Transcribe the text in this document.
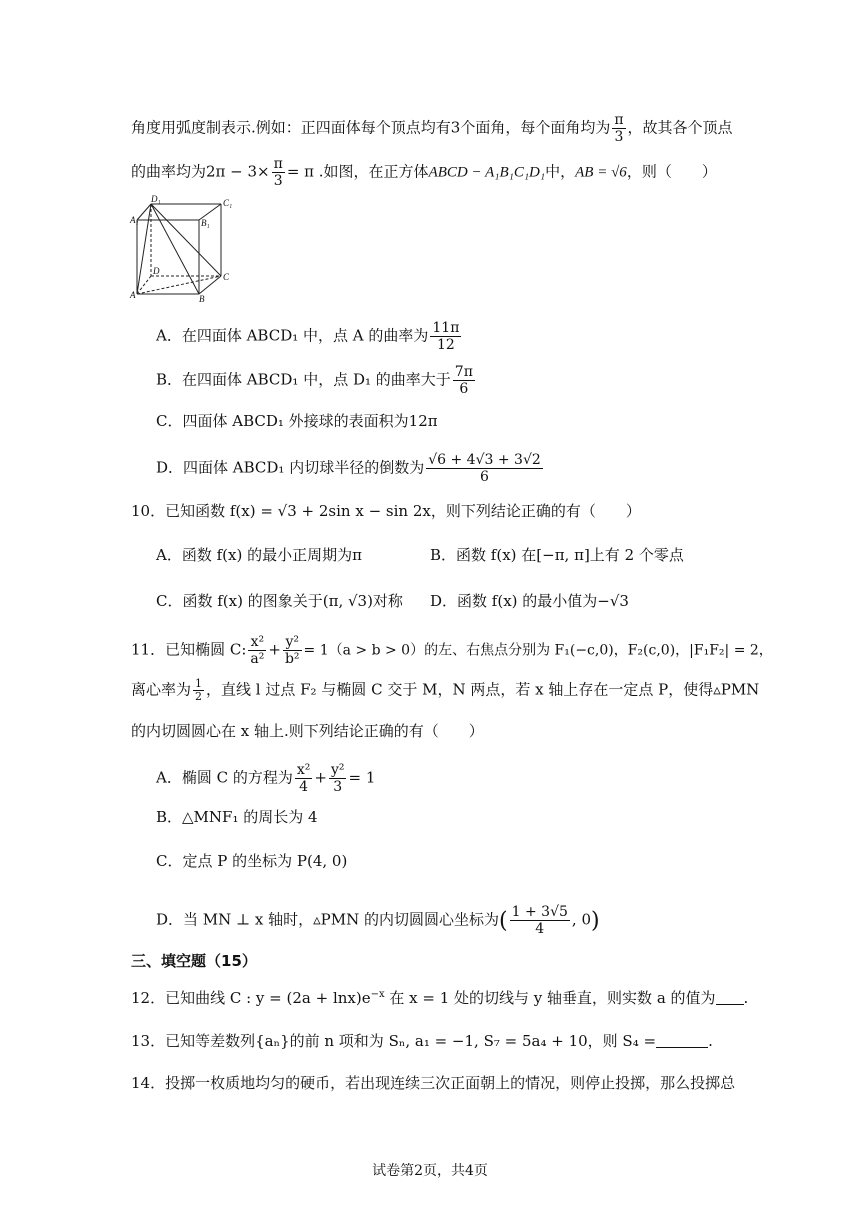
角度用弧度制表示.例如：正四面体每个顶点均有3个面角，每个面角均为 $\frac{\pi}{3}$ ，故其各个顶点
的曲率均为$2\pi - 3\times \frac{\pi}{3} = \pi$ .如图，在正方体ABCD − A₁B₁C₁D₁中，AB = √6，则（　　）
D₁	C₁
A₁	B₁
D
C
A	B
A．在四面体 ABCD₁ 中，点 A 的曲率为 $\frac{11\pi}{12}$
B．在四面体 ABCD₁ 中，点 D₁ 的曲率大于 $\frac{7\pi}{6}$
C．四面体 ABCD₁ 外接球的表面积为12π
D．四面体 ABCD₁ 内切球半径的倒数为 $\frac{√6 + 4√3 + 3√2}{6}$
10．已知函数 f(x) = √3 + 2sin x − sin 2x，则下列结论正确的有（　　）
A．函数 f(x) 的最小正周期为π	B．函数 f(x) 在[−π, π]上有 2 个零点
C．函数 f(x) 的图象关于(π, √3)对称 D．函数 f(x) 的最小值为−√3
11．已知椭圆 C: $\frac{\text{x²}}{\text{a²}} + \frac{\text{y²}}{\text{b²}} = 1(a > b > 0)$的左、右焦点分别为 F₁(−c,0)，F₂(c,0)，|F₁F₂| = 2，
离心率为 $\frac{1}{2}$ ，直线 l 过点 F₂ 与椭圆 C 交于 M，N 两点，若 x 轴上存在一定点 P，使得▵PMN
的内切圆圆心在 x 轴上.则下列结论正确的有（　　）
A．椭圆 C 的方程为 $\frac{\text{x²}}{4} + \frac{\text{y²}}{3} = 1$
B．△MNF₁ 的周长为 4
C．定点 P 的坐标为 P(4, 0)
D．当 MN ⊥ x 轴时，▵PMN 的内切圆圆心坐标为( $\frac{1 + 3√5}{4}$ , 0)
三、填空题（15）
12．已知曲线 C : $y = (2a + \ln x)e^{-x}$ 在 x = 1 处的切线与 y 轴垂直，则实数 a 的值为 .
13．已知等差数列{aₙ}的前 n 项和为 Sₙ, a₁ = −1, S₇ = 5a₄ + 10，则 S₄ =	.
14．投掷一枚质地均匀的硬币，若出现连续三次正面朝上的情况，则停止投掷，那么投掷总
试卷第2页，共4页
